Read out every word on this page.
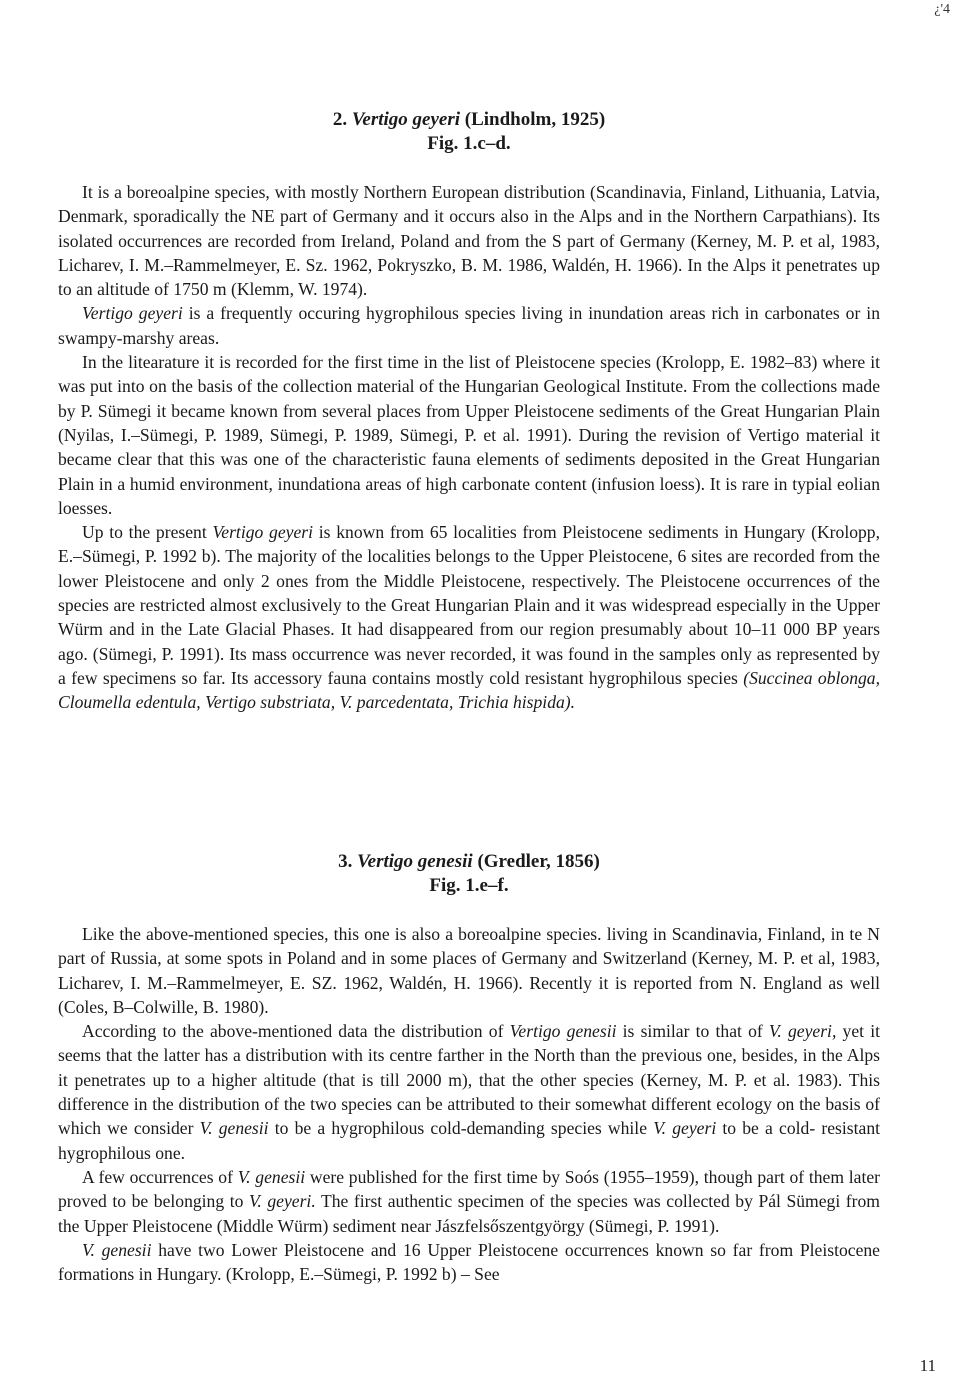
¿'4
2. Vertigo geyeri (Lindholm, 1925)
Fig. 1.c–d.

It is a boreoalpine species, with mostly Northern European distribution (Scandinavia, Finland, Lithuania, Latvia, Denmark, sporadically the NE part of Germany and it occurs also in the Alps and in the Northern Carpathians). Its isolated occurrences are recorded from Ireland, Poland and from the S part of Germany (Kerney, M. P. et al, 1983, Licharev, I. M.–Rammelmeyer, E. Sz. 1962, Pokryszko, B. M. 1986, Waldén, H. 1966). In the Alps it penetrates up to an altitude of 1750 m (Klemm, W. 1974).

Vertigo geyeri is a frequently occuring hygrophilous species living in inundation areas rich in carbonates or in swampy-marshy areas.

In the litearature it is recorded for the first time in the list of Pleistocene species (Krolopp, E. 1982–83) where it was put into on the basis of the collection material of the Hungarian Geological Institute. From the collections made by P. Sümegi it became known from several places from Upper Pleistocene sediments of the Great Hungarian Plain (Nyilas, I.–Sümegi, P. 1989, Sümegi, P. 1989, Sümegi, P. et al. 1991). During the revision of Vertigo material it became clear that this was one of the characteristic fauna elements of sediments deposited in the Great Hungarian Plain in a humid environment, inundationa areas of high carbonate content (infusion loess). It is rare in typial eolian loesses.

Up to the present Vertigo geyeri is known from 65 localities from Pleistocene sediments in Hungary (Krolopp, E.–Sümegi, P. 1992 b). The majority of the localities belongs to the Upper Pleistocene, 6 sites are recorded from the lower Pleistocene and only 2 ones from the Middle Pleistocene, respectively. The Pleistocene occurrences of the species are restricted almost exclusively to the Great Hungarian Plain and it was widespread especially in the Upper Würm and in the Late Glacial Phases. It had disappeared from our region presumably about 10–11 000 BP years ago. (Sümegi, P. 1991). Its mass occurrence was never recorded, it was found in the samples only as represented by a few specimens so far. Its accessory fauna contains mostly cold resistant hygrophilous species (Succinea oblonga, Cloumella edentula, Vertigo substriata, V. parcedentata, Trichia hispida).

3. Vertigo genesii (Gredler, 1856)
Fig. 1.e–f.

Like the above-mentioned species, this one is also a boreoalpine species. living in Scandinavia, Finland, in te N part of Russia, at some spots in Poland and in some places of Germany and Switzerland (Kerney, M. P. et al, 1983, Licharev, I. M.–Rammelmeyer, E. SZ. 1962, Waldén, H. 1966). Recently it is reported from N. England as well (Coles, B–Colwille, B. 1980).

According to the above-mentioned data the distribution of Vertigo genesii is similar to that of V. geyeri, yet it seems that the latter has a distribution with its centre farther in the North than the previous one, besides, in the Alps it penetrates up to a higher altitude (that is till 2000 m), that the other species (Kerney, M. P. et al. 1983). This difference in the distribution of the two species can be attributed to their somewhat different ecology on the basis of which we consider V. genesii to be a hygrophilous cold-demanding species while V. geyeri to be a cold- resistant hygrophilous one.

A few occurrences of V. genesii were published for the first time by Soós (1955–1959), though part of them later proved to be belonging to V. geyeri. The first authentic specimen of the species was collected by Pál Sümegi from the Upper Pleistocene (Middle Würm) sediment near Jászfelsőszentgyörgy (Sümegi, P. 1991).

V. genesii have two Lower Pleistocene and 16 Upper Pleistocene occurrences known so far from Pleistocene formations in Hungary. (Krolopp, E.–Sümegi, P. 1992 b) – See

11
